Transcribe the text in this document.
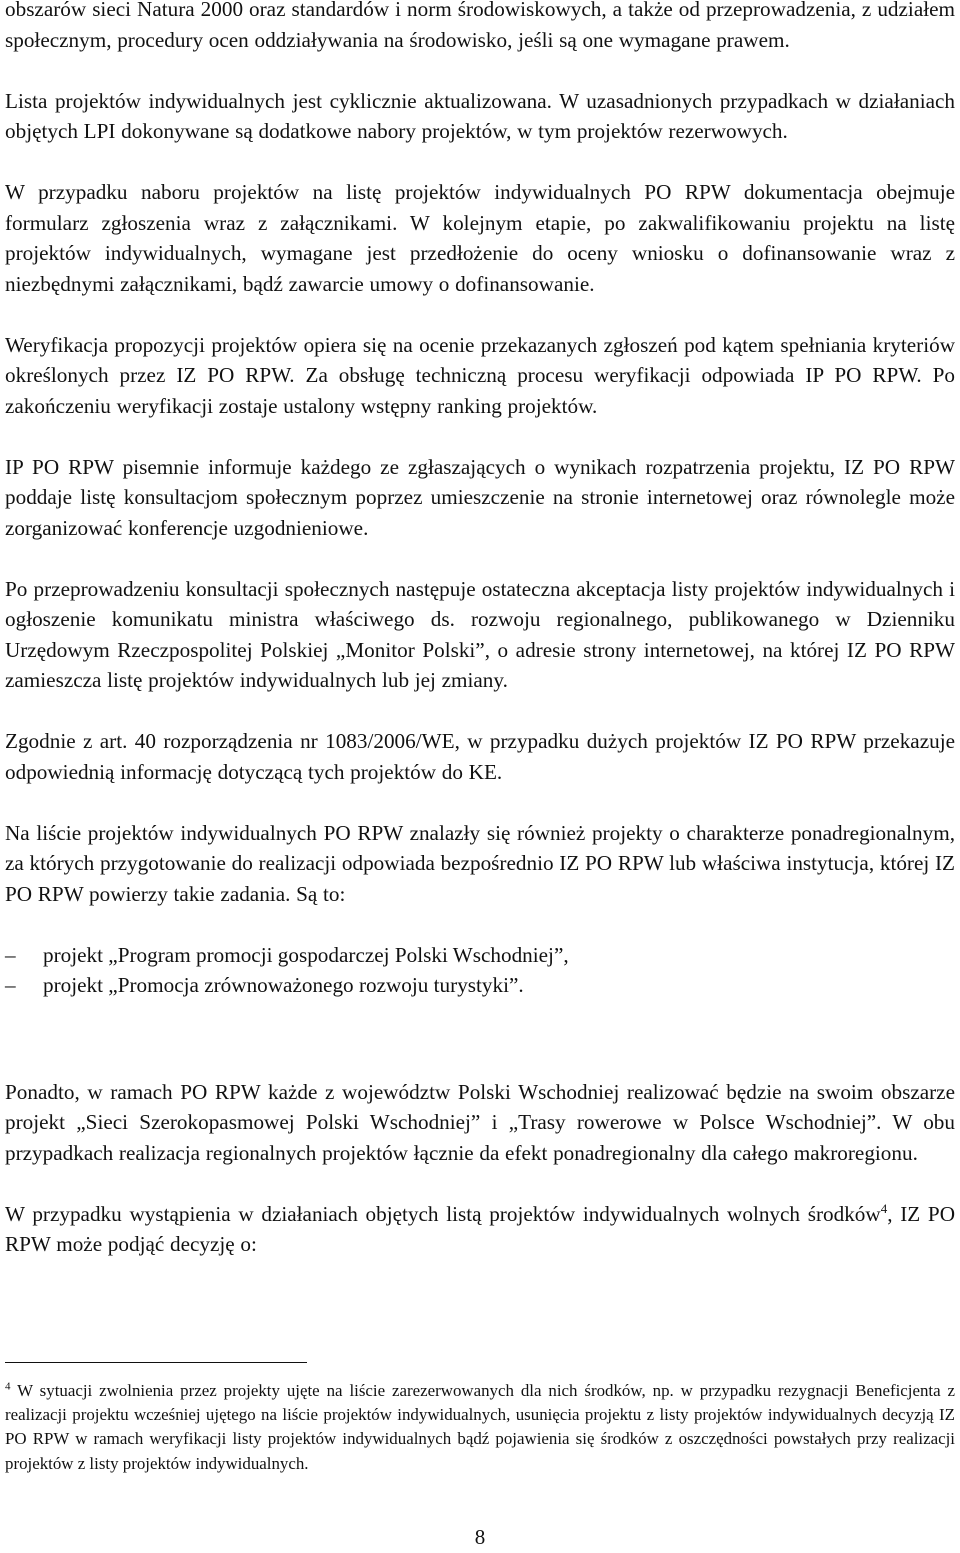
obszarów sieci Natura 2000 oraz standardów i norm środowiskowych, a także od przeprowadzenia, z udziałem społecznym, procedury ocen oddziaływania na środowisko, jeśli są one wymagane prawem.

Lista projektów indywidualnych jest cyklicznie aktualizowana. W uzasadnionych przypadkach w działaniach objętych LPI dokonywane są dodatkowe nabory projektów, w tym projektów rezerwowych.

W przypadku naboru projektów na listę projektów indywidualnych PO RPW dokumentacja obejmuje formularz zgłoszenia wraz z załącznikami. W kolejnym etapie, po zakwalifikowaniu projektu na listę projektów indywidualnych, wymagane jest przedłożenie do oceny wniosku o dofinansowanie wraz z niezbędnymi załącznikami, bądź zawarcie umowy o dofinansowanie.

Weryfikacja propozycji projektów opiera się na ocenie przekazanych zgłoszeń pod kątem spełniania kryteriów określonych przez IZ PO RPW. Za obsługę techniczną procesu weryfikacji odpowiada IP PO RPW. Po zakończeniu weryfikacji zostaje ustalony wstępny ranking projektów.

IP PO RPW pisemnie informuje każdego ze zgłaszających o wynikach rozpatrzenia projektu, IZ PO RPW poddaje listę konsultacjom społecznym poprzez umieszczenie na stronie internetowej oraz równolegle może zorganizować konferencje uzgodnieniowe.

Po przeprowadzeniu konsultacji społecznych następuje ostateczna akceptacja listy projektów indywidualnych i ogłoszenie komunikatu ministra właściwego ds. rozwoju regionalnego, publikowanego w Dzienniku Urzędowym Rzeczpospolitej Polskiej „Monitor Polski”, o adresie strony internetowej, na której IZ PO RPW zamieszcza listę projektów indywidualnych lub jej zmiany.

Zgodnie z art. 40 rozporządzenia nr 1083/2006/WE, w przypadku dużych projektów IZ PO RPW przekazuje odpowiednią informację dotyczącą tych projektów do KE.

Na liście projektów indywidualnych PO RPW znalazły się również projekty o charakterze ponadregionalnym, za których przygotowanie do realizacji odpowiada bezpośrednio IZ PO RPW lub właściwa instytucja, której IZ PO RPW powierzy takie zadania. Są to:

–	projekt „Program promocji gospodarczej Polski Wschodniej”,
–	projekt „Promocja zrównoważonego rozwoju turystyki”.

Ponadto, w ramach PO RPW każde z województw Polski Wschodniej realizować będzie na swoim obszarze projekt „Sieci Szerokopasmowej Polski Wschodniej” i „Trasy rowerowe w Polsce Wschodniej”. W obu przypadkach realizacja regionalnych projektów łącznie da efekt ponadregionalny dla całego makroregionu.

W przypadku wystąpienia w działaniach objętych listą projektów indywidualnych wolnych środków$^4$, IZ PO RPW może podjąć decyzję o:

$^4$ W sytuacji zwolnienia przez projekty ujęte na liście zarezerwowanych dla nich środków, np. w przypadku rezygnacji Beneficjenta z realizacji projektu wcześniej ujętego na liście projektów indywidualnych, usunięcia projektu z listy projektów indywidualnych decyzją IZ PO RPW w ramach weryfikacji listy projektów indywidualnych bądź pojawienia się środków z oszczędności powstałych przy realizacji projektów z listy projektów indywidualnych.

8
